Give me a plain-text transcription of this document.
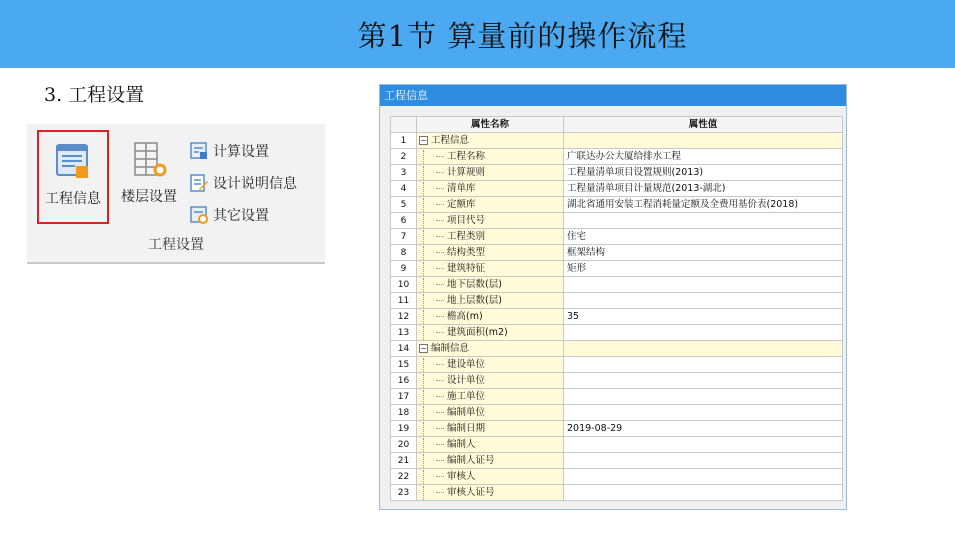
第1节 算量前的操作流程
3. 工程设置
工程信息 楼层设置
计算设置
设计说明信息
其它设置
工程设置
工程信息
	属性名称	属性值
1	− 工程信息	
2	工程名称	广联达办公大厦给排水工程
3	计算规则	工程量清单项目设置规则(2013)
4	清单库	工程量清单项目计量规范(2013-湖北)
5	定额库	湖北省通用安装工程消耗量定额及全费用基价表(2018)
6	项目代号	
7	工程类别	住宅
8	结构类型	框架结构
9	建筑特征	矩形
10	地下层数(层)	
11	地上层数(层)	
12	檐高(m)	35
13	建筑面积(m2)	
14	− 编制信息	
15	建设单位	
16	设计单位	
17	施工单位	
18	编制单位	
19	编制日期	2019-08-29
20	编制人	
21	编制人证号	
22	审核人	
23	审核人证号	
